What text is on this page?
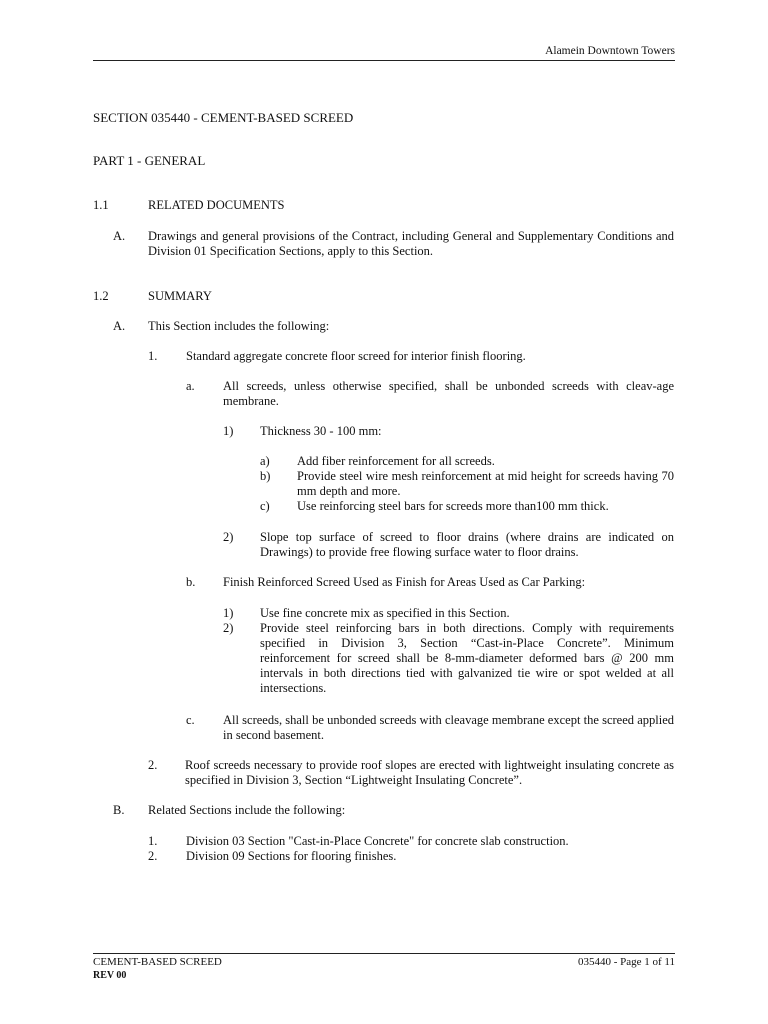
Alamein Downtown Towers
SECTION 035440 - CEMENT-BASED SCREED
PART 1 - GENERAL
1.1	RELATED DOCUMENTS
A. Drawings and general provisions of the Contract, including General and Supplementary Conditions and Division 01 Specification Sections, apply to this Section.
1.2	SUMMARY
A. This Section includes the following:
1. Standard aggregate concrete floor screed for interior finish flooring.
a. All screeds, unless otherwise specified, shall be unbonded screeds with cleav-age membrane.
1) Thickness 30 - 100 mm:
a) Add fiber reinforcement for all screeds.
b) Provide steel wire mesh reinforcement at mid height for screeds having 70 mm depth and more.
c) Use reinforcing steel bars for screeds more than100 mm thick.
2) Slope top surface of screed to floor drains (where drains are indicated on Drawings) to provide free flowing surface water to floor drains.
b. Finish Reinforced Screed Used as Finish for Areas Used as Car Parking:
1) Use fine concrete mix as specified in this Section.
2) Provide steel reinforcing bars in both directions. Comply with requirements specified in Division 3, Section “Cast-in-Place Concrete”. Minimum reinforcement for screed shall be 8-mm-diameter deformed bars @ 200 mm intervals in both directions tied with galvanized tie wire or spot welded at all intersections.
c. All screeds, shall be unbonded screeds with cleavage membrane except the screed applied in second basement.
2. Roof screeds necessary to provide roof slopes are erected with lightweight insulating concrete as specified in Division 3, Section “Lightweight Insulating Concrete”.
B. Related Sections include the following:
1. Division 03 Section "Cast-in-Place Concrete" for concrete slab construction.
2. Division 09 Sections for flooring finishes.
CEMENT-BASED SCREED
REV 00
035440 - Page 1 of 11
